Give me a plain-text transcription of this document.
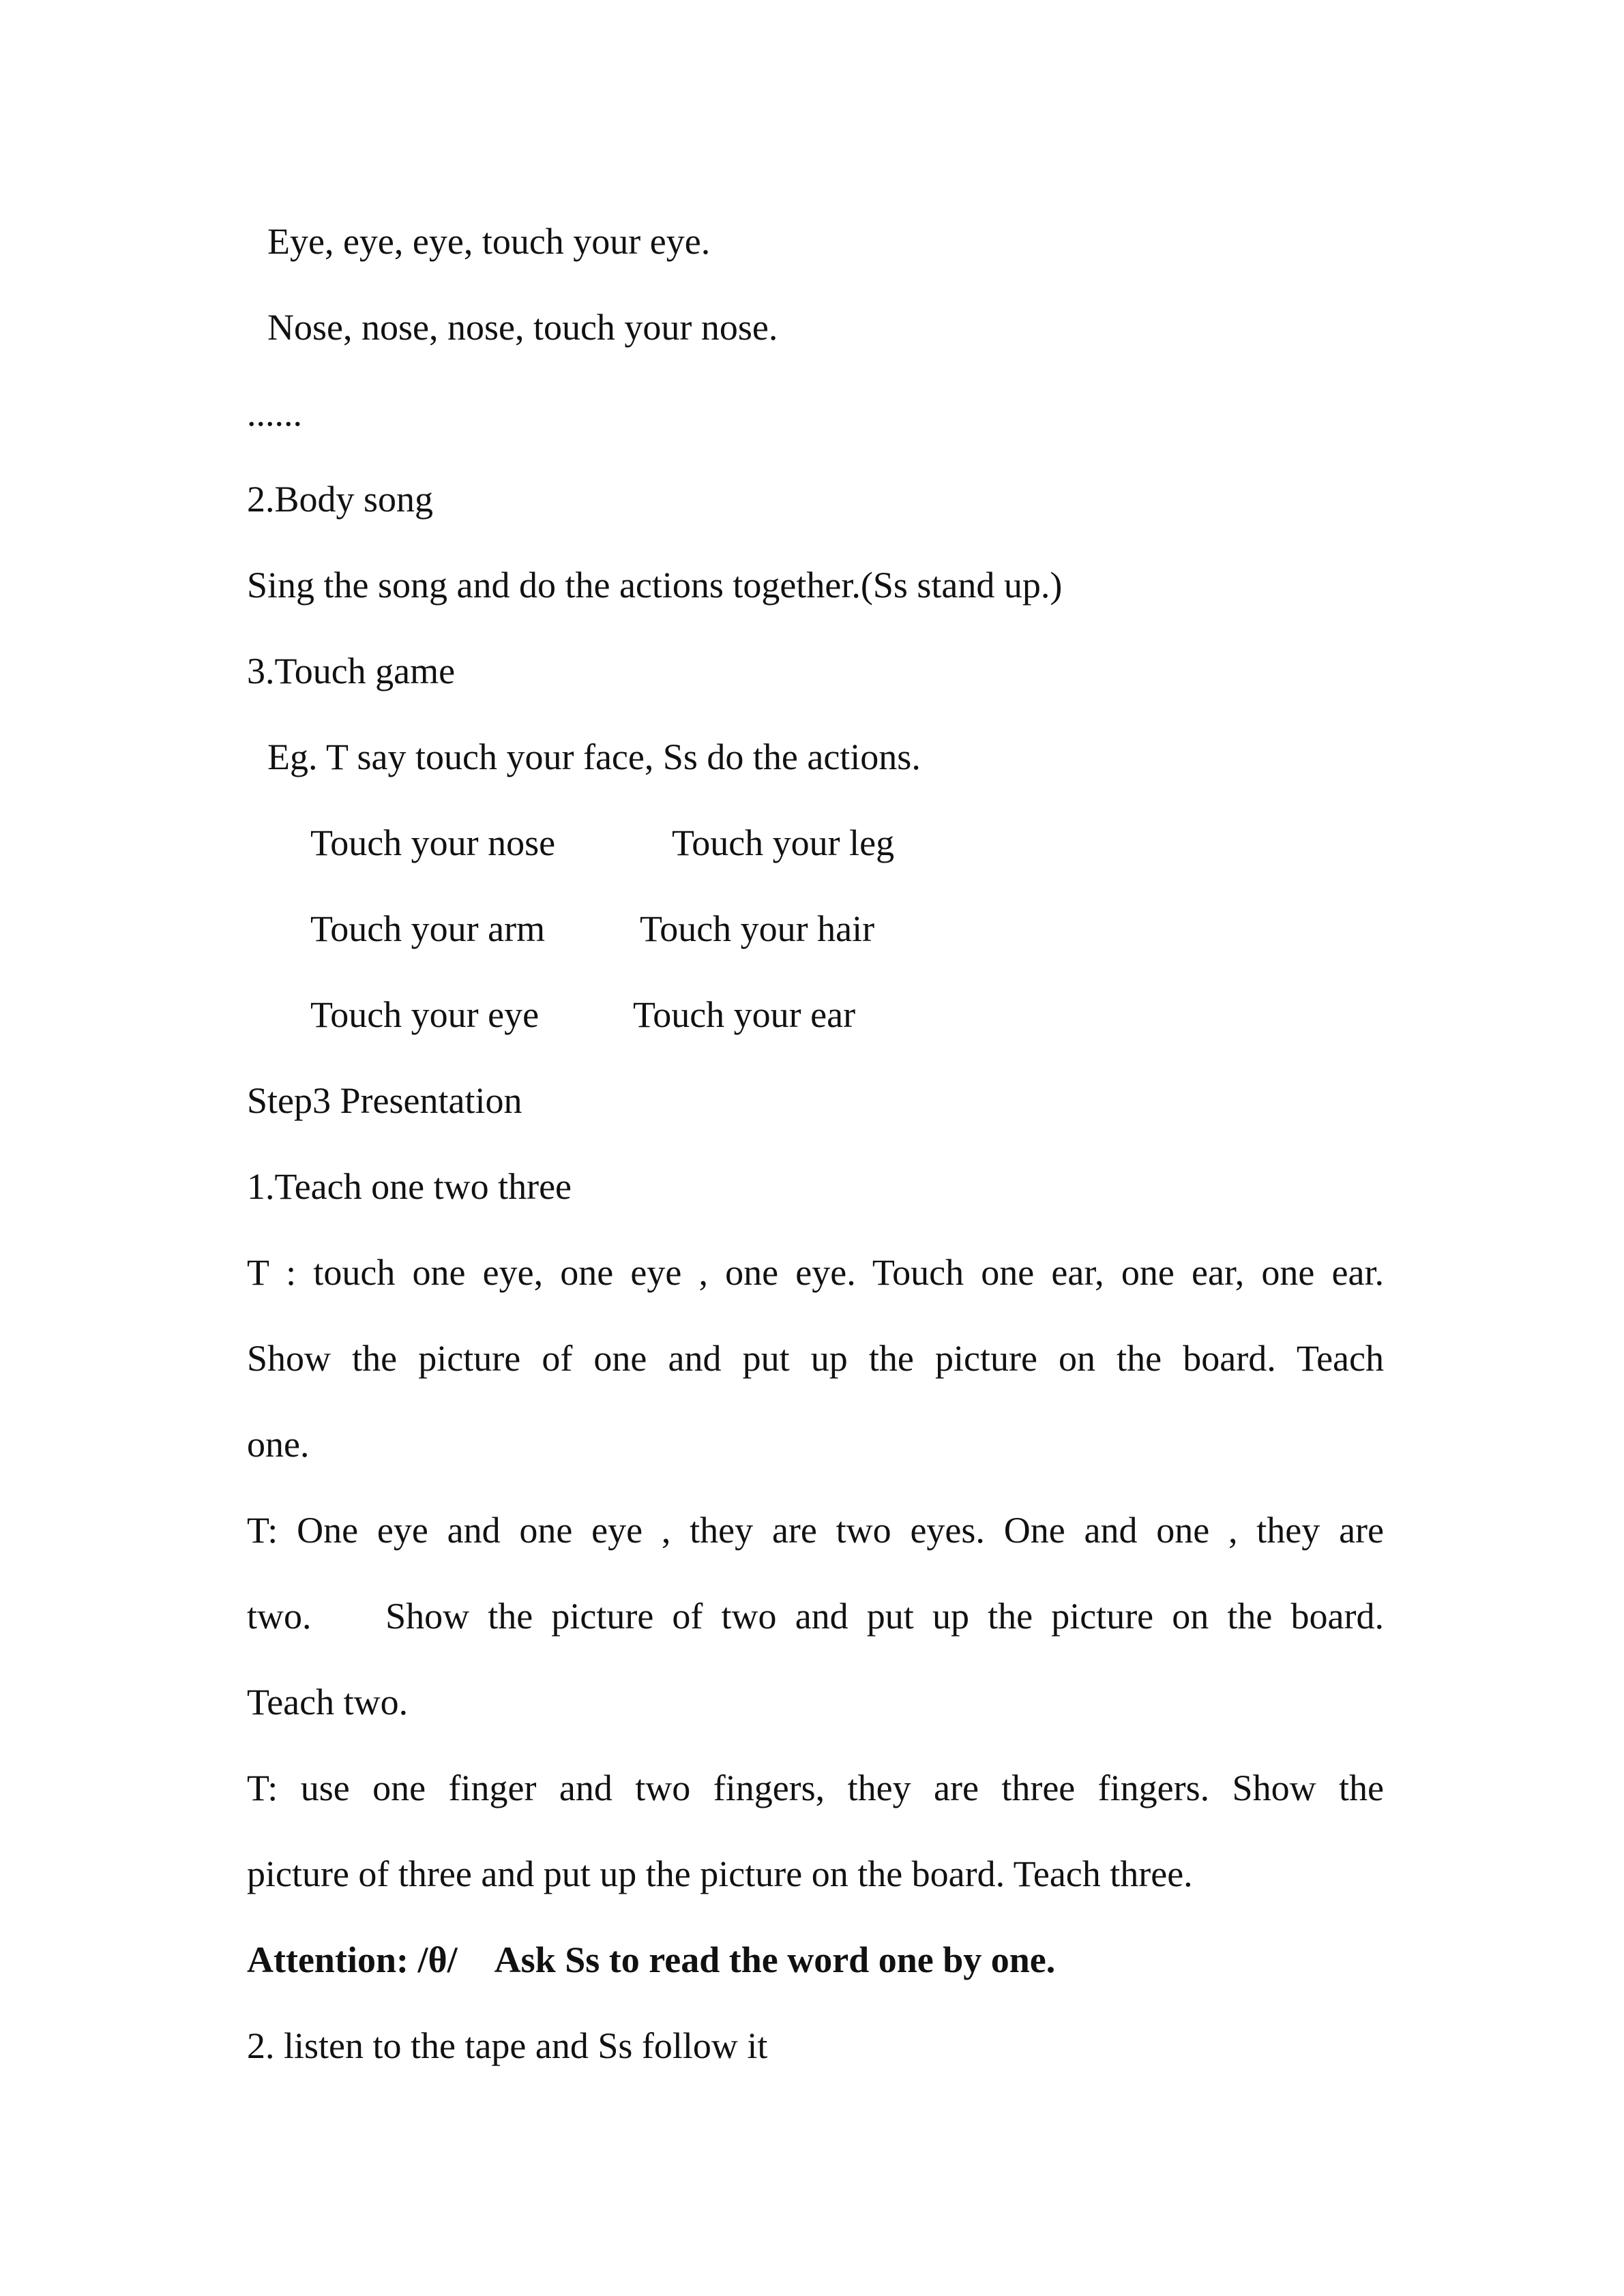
Eye, eye, eye, touch your eye.
Nose, nose, nose, touch your nose.
......
2.Body song
Sing the song and do the actions together.(Ss stand up.)
3.Touch game
Eg. T say touch your face, Ss do the actions.
Touch your nose	Touch your leg
Touch your arm	Touch your hair
Touch your eye	Touch your ear
Step3 Presentation
1.Teach one two three
T : touch one eye, one eye , one eye. Touch one ear, one ear, one ear.
Show the picture of one and put up the picture on the board. Teach
one.
T: One eye and one eye , they are two eyes. One and one , they are
two.    Show the picture of two and put up the picture on the board.
Teach two.
T: use one finger and two fingers, they are three fingers. Show the
picture of three and put up the picture on the board. Teach three.
Attention: /θ/    Ask Ss to read the word one by one.
2. listen to the tape and Ss follow it
